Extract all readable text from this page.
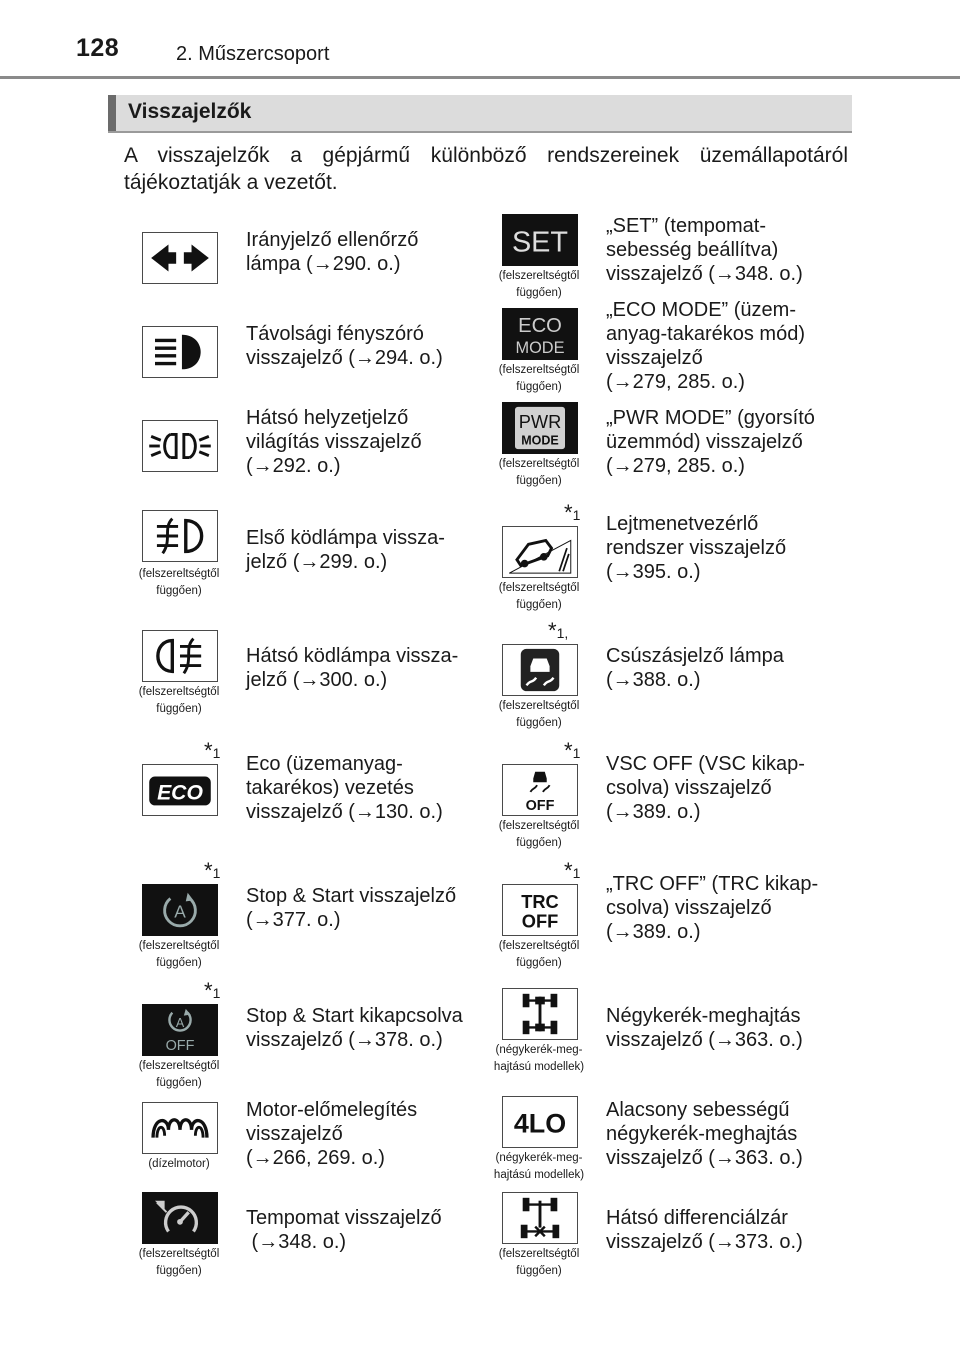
128	2. Műszercsoport
Visszajelzők
A visszajelzők a gépjármű különböző rendszereinek üzemállapotáról tájékoztatják a vezetőt.
Irányjelző ellenőrző
lámpa (→290. o.)
Távolsági fényszóró
visszajelző (→294. o.)
Hátsó helyzetjelző
világítás visszajelző
(→292. o.)
(felszereltségtől függően)
Első ködlámpa vissza-
jelző (→299. o.)
(felszereltségtől függően)
Hátsó ködlámpa vissza-
jelző (→300. o.)
*1
ECO
Eco (üzemanyag-
takarékos) vezetés
visszajelző (→130. o.)
*1
A
(felszereltségtől függően)
Stop & Start visszajelző
(→377. o.)
*1
A
OFF
(felszereltségtől függően)
Stop & Start kikapcsolva
visszajelző (→378. o.)
(dízelmotor)
Motor-előmelegítés
visszajelző
(→266, 269. o.)
(felszereltségtől függően)
Tempomat visszajelző
(→348. o.)
SET
(felszereltségtől függően)
„SET” (tempomat-
sebesség beállítva)
visszajelző (→348. o.)
ECO
MODE
(felszereltségtől függően)
„ECO MODE” (üzem-
anyag-takarékos mód)
visszajelző
(→279, 285. o.)
PWR
MODE
(felszereltségtől függően)
„PWR MODE” (gyorsító
üzemmód) visszajelző
(→279, 285. o.)
*1
(felszereltségtől függően)
Lejtmenetvezérlő
rendszer visszajelző
(→395. o.)
*1,
(felszereltségtől függően)
Csúszásjelző lámpa
(→388. o.)
*1
OFF
(felszereltségtől függően)
VSC OFF (VSC kikap-
csolva) visszajelző
(→389. o.)
*1
TRC
OFF
(felszereltségtől függően)
„TRC OFF” (TRC kikap-
csolva) visszajelző
(→389. o.)
(négykerék-meg-hajtású modellek)
Négykerék-meghajtás
visszajelző (→363. o.)
4LO
(négykerék-meg-hajtású modellek)
Alacsony sebességű
négykerék-meghajtás
visszajelző (→363. o.)
(felszereltségtől függően)
Hátsó differenciálzár
visszajelző (→373. o.)
